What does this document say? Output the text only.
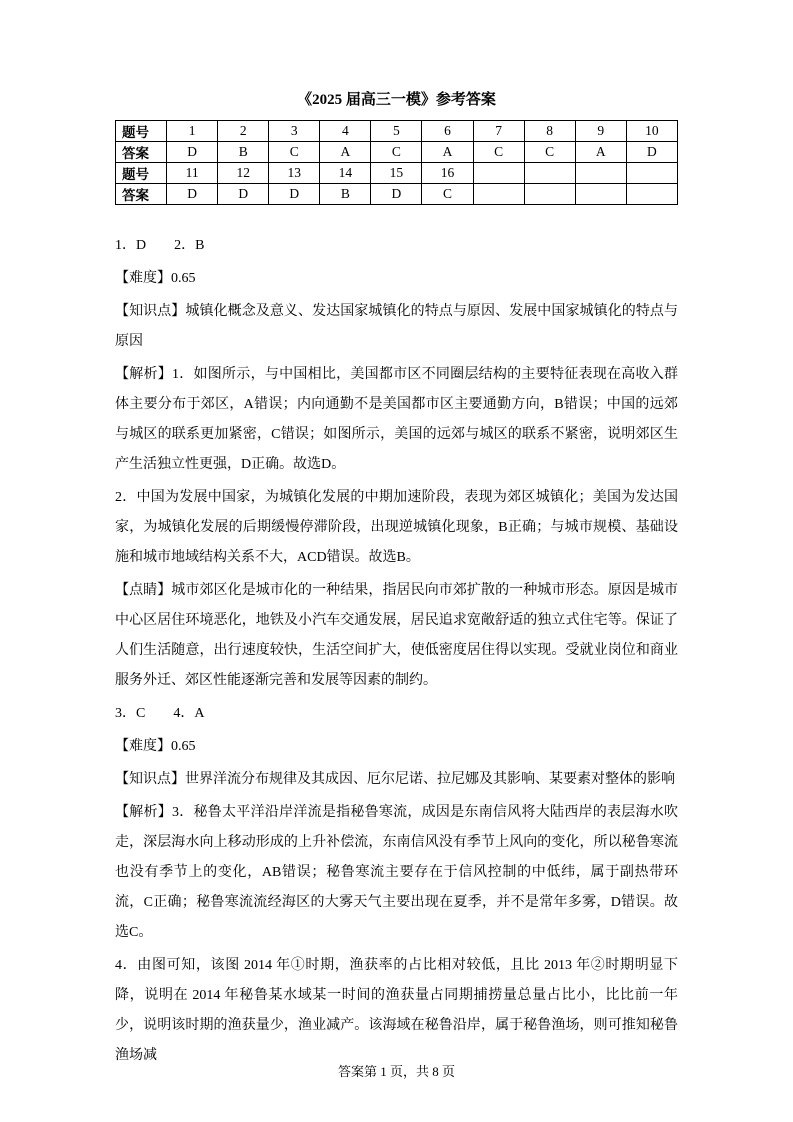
《2025 届高三一模》参考答案
题号	1	2	3	4	5	6	7	8	9	10
答案	D	B	C	A	C	A	C	C	A	D
题号	11	12	13	14	15	16				
答案	D	D	D	B	D	C				

1．D　　2．B

【难度】0.65

【知识点】城镇化概念及意义、发达国家城镇化的特点与原因、发展中国家城镇化的特点与原因

【解析】1．如图所示，与中国相比，美国都市区不同圈层结构的主要特征表现在高收入群体主要分布于郊区，A错误；内向通勤不是美国都市区主要通勤方向，B错误；中国的远郊与城区的联系更加紧密，C错误；如图所示，美国的远郊与城区的联系不紧密，说明郊区生产生活独立性更强，D正确。故选D。

2．中国为发展中国家，为城镇化发展的中期加速阶段，表现为郊区城镇化；美国为发达国家，为城镇化发展的后期缓慢停滞阶段，出现逆城镇化现象，B正确；与城市规模、基础设施和城市地域结构关系不大，ACD错误。故选B。

【点睛】城市郊区化是城市化的一种结果，指居民向市郊扩散的一种城市形态。原因是城市中心区居住环境恶化，地铁及小汽车交通发展，居民追求宽敞舒适的独立式住宅等。保证了人们生活随意，出行速度较快，生活空间扩大，使低密度居住得以实现。受就业岗位和商业服务外迁、郊区性能逐渐完善和发展等因素的制约。

3．C　　4．A

【难度】0.65

【知识点】世界洋流分布规律及其成因、厄尔尼诺、拉尼娜及其影响、某要素对整体的影响

【解析】3．秘鲁太平洋沿岸洋流是指秘鲁寒流，成因是东南信风将大陆西岸的表层海水吹走，深层海水向上移动形成的上升补偿流，东南信风没有季节上风向的变化，所以秘鲁寒流也没有季节上的变化，AB错误；秘鲁寒流主要存在于信风控制的中低纬，属于副热带环流，C正确；秘鲁寒流流经海区的大雾天气主要出现在夏季，并不是常年多雾，D错误。故选C。

4．由图可知，该图 2014 年①时期，渔获率的占比相对较低，且比 2013 年②时期明显下降，说明在 2014 年秘鲁某水域某一时间的渔获量占同期捕捞量总量占比小，比比前一年少，说明该时期的渔获量少，渔业减产。该海域在秘鲁沿岸，属于秘鲁渔场，则可推知秘鲁渔场减

答案第 1 页，共 8 页
